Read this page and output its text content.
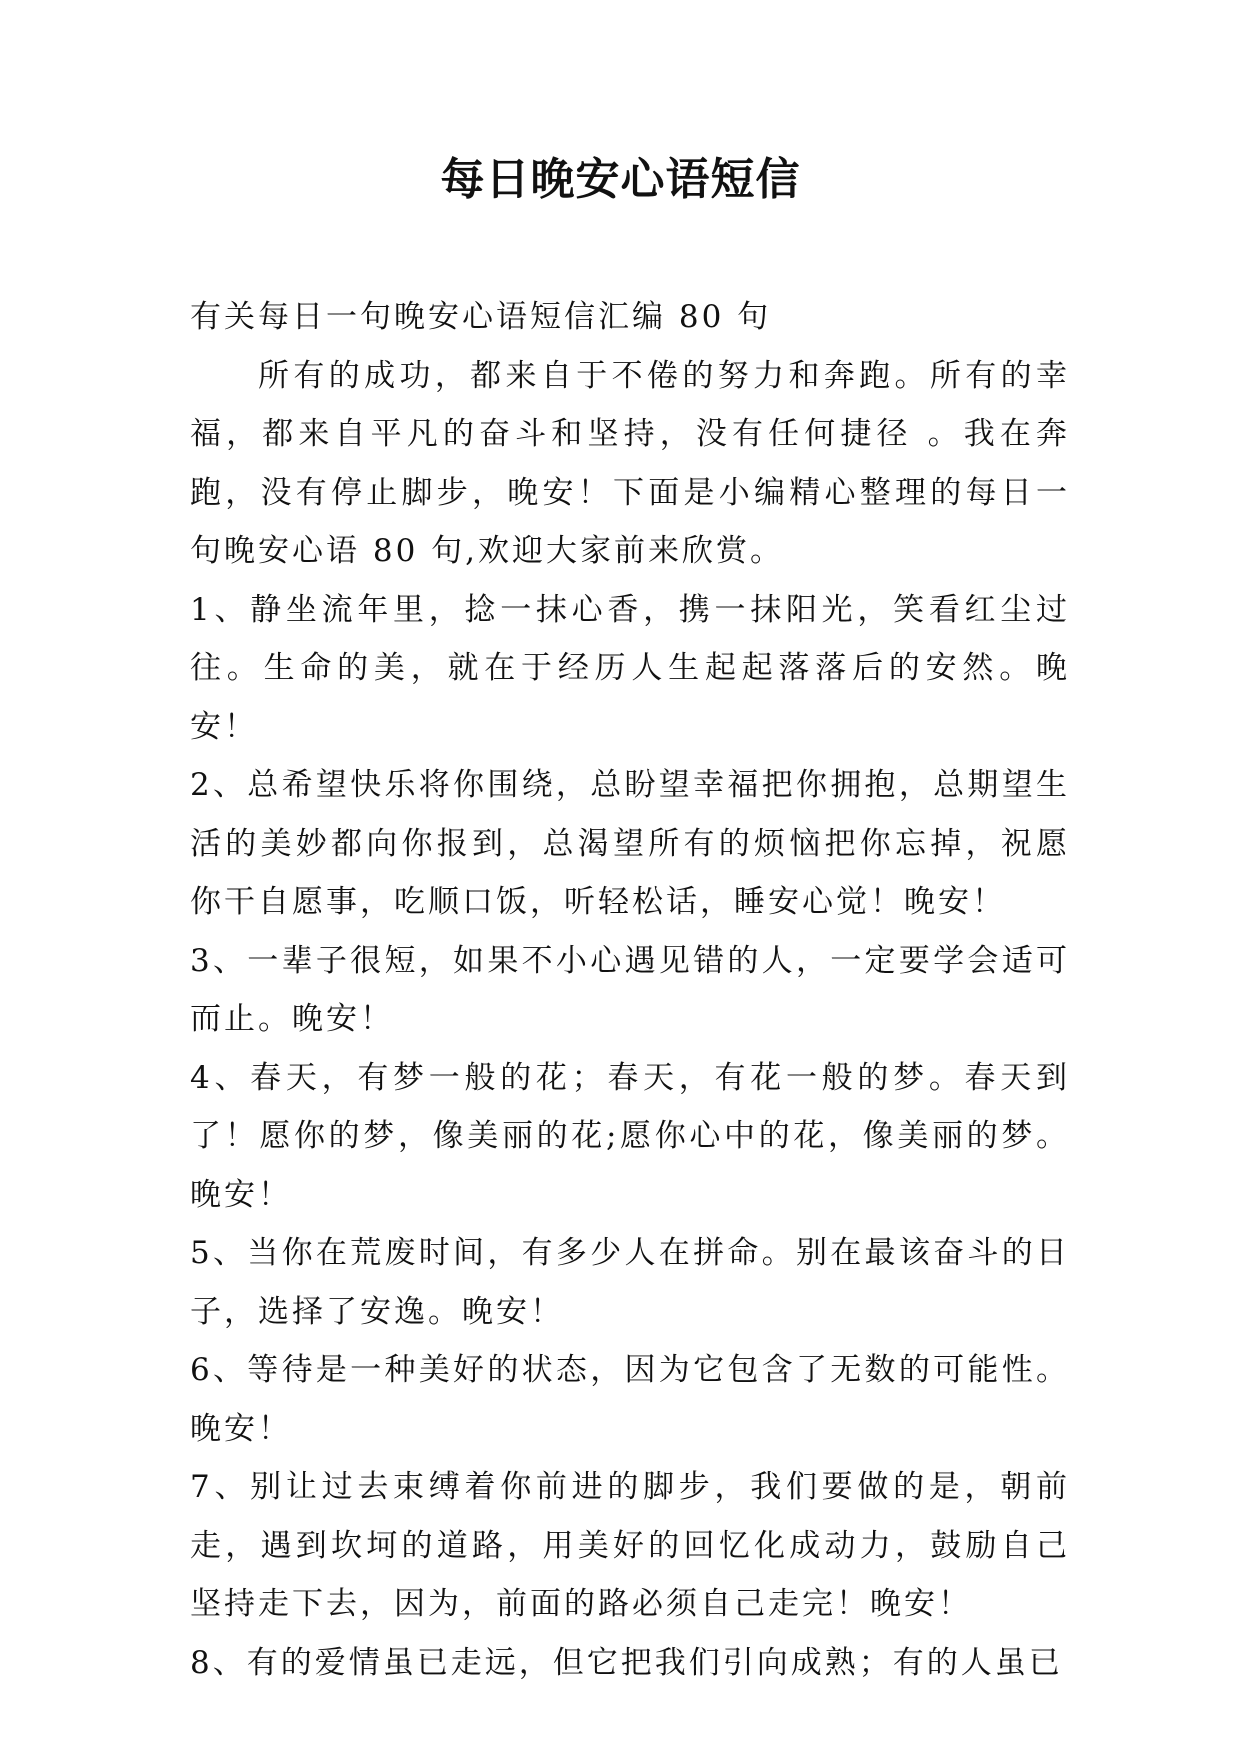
每日晚安心语短信

有关每日一句晚安心语短信汇编 80 句

所有的成功，都来自于不倦的努力和奔跑。所有的幸福，都来自平凡的奋斗和坚持，没有任何捷径 。我在奔跑，没有停止脚步，晚安！下面是小编精心整理的每日一句晚安心语 80 句,欢迎大家前来欣赏。

1、静坐流年里，捻一抹心香，携一抹阳光，笑看红尘过往。生命的美，就在于经历人生起起落落后的安然。晚安！

2、总希望快乐将你围绕，总盼望幸福把你拥抱，总期望生活的美妙都向你报到，总渴望所有的烦恼把你忘掉，祝愿你干自愿事，吃顺口饭，听轻松话，睡安心觉！晚安！

3、一辈子很短，如果不小心遇见错的人，一定要学会适可而止。晚安！

4、春天，有梦一般的花；春天，有花一般的梦。春天到了！愿你的梦，像美丽的花;愿你心中的花，像美丽的梦。晚安！

5、当你在荒废时间，有多少人在拼命。别在最该奋斗的日子，选择了安逸。晚安！

6、等待是一种美好的状态，因为它包含了无数的可能性。晚安！

7、别让过去束缚着你前进的脚步，我们要做的是，朝前走，遇到坎坷的道路，用美好的回忆化成动力，鼓励自己坚持走下去，因为，前面的路必须自己走完！晚安！

8、有的爱情虽已走远，但它把我们引向成熟；有的人虽已
